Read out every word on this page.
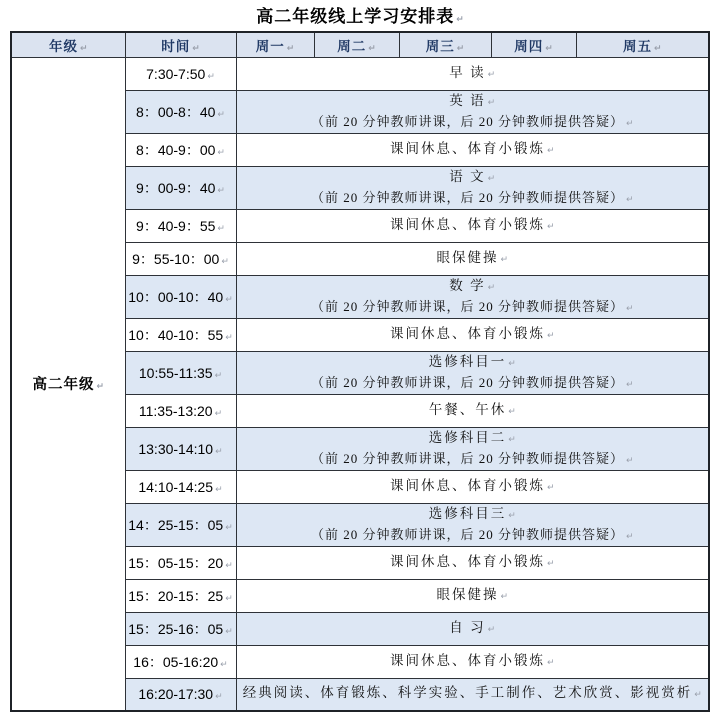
高二年级线上学习安排表 ↵
年级 ↵	时间 ↵	周一 ↵	周二 ↵	周三 ↵	周四 ↵	周五 ↵
高二年级 ↵	7:30-7:50 ↵	早 读 ↵				

	8：00-8：40 ↵	英 语 ↵
（前 20 分钟教师讲课，后 20 分钟教师提供答疑） ↵				

	8：40-9：00 ↵	课间休息、体育小锻炼 ↵				

	9：00-9：40 ↵	语 文 ↵
（前 20 分钟教师讲课，后 20 分钟教师提供答疑） ↵				

	9：40-9：55 ↵	课间休息、体育小锻炼 ↵				

	9：55-10：00 ↵	眼保健操 ↵				

	10：00-10：40 ↵	数 学 ↵
（前 20 分钟教师讲课，后 20 分钟教师提供答疑） ↵				

	10：40-10：55 ↵	课间休息、体育小锻炼 ↵				

	10:55-11:35 ↵	选修科目一 ↵
（前 20 分钟教师讲课，后 20 分钟教师提供答疑） ↵				

	11:35-13:20 ↵	午餐、午休 ↵				

	13:30-14:10 ↵	选修科目二 ↵
（前 20 分钟教师讲课，后 20 分钟教师提供答疑） ↵				

	14:10-14:25 ↵	课间休息、体育小锻炼 ↵				

	14：25-15：05 ↵	选修科目三 ↵
（前 20 分钟教师讲课，后 20 分钟教师提供答疑） ↵				

	15：05-15：20 ↵	课间休息、体育小锻炼 ↵				

	15：20-15：25 ↵	眼保健操 ↵				

	15：25-16：05 ↵	自 习 ↵				

	16：05-16:20 ↵	课间休息、体育小锻炼 ↵				

	16:20-17:30 ↵	经典阅读、体育锻炼、科学实验、手工制作、艺术欣赏、影视赏析 ↵				
